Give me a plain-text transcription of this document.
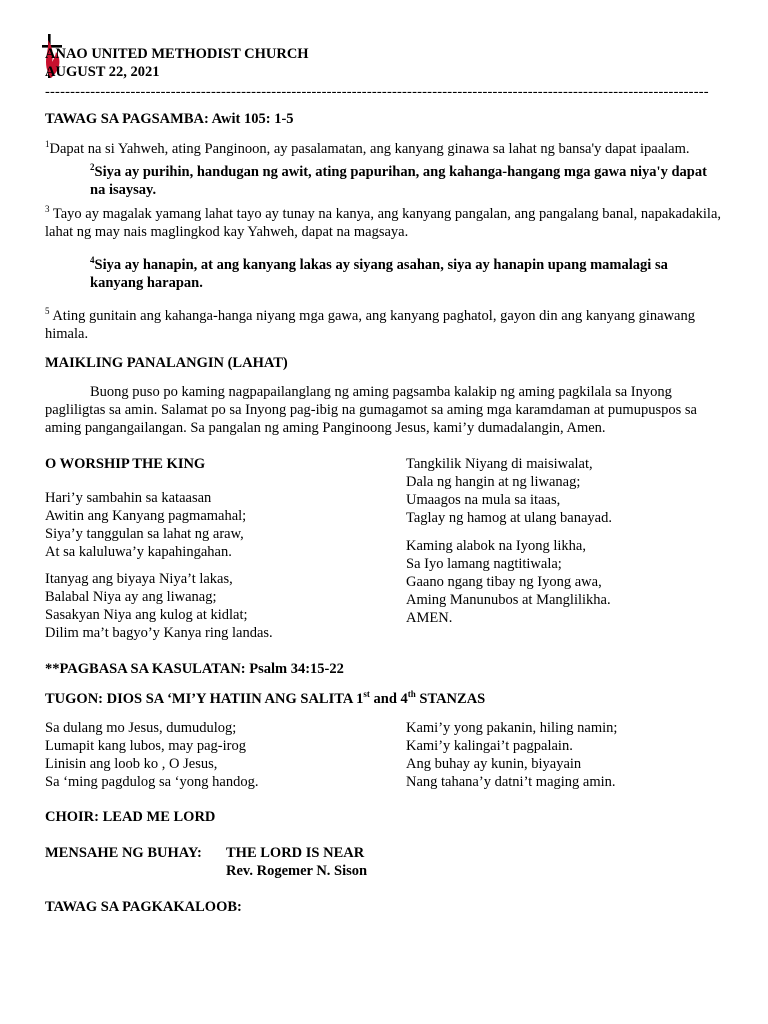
ANAO UNITED METHODIST CHURCH
AUGUST 22, 2021
------------------------------------------------------------------------------------------------------------------------------------
TAWAG SA PAGSAMBA: Awit 105: 1-5

$^1$Dapat na si Yahweh, ating Panginoon, ay pasalamatan, ang kanyang ginawa sa lahat ng bansa'y dapat ipaalam.

$^2$Siya ay purihin, handugan ng awit, ating papurihan, ang kahanga-hangang mga gawa niya'y dapat na isaysay.

$^3$ Tayo ay magalak yamang lahat tayo ay tunay na kanya, ang kanyang pangalan, ang pangalang banal, napakadakila, lahat ng may nais maglingkod kay Yahweh, dapat na magsaya.

$^4$Siya ay hanapin, at ang kanyang lakas ay siyang asahan, siya ay hanapin upang mamalagi sa kanyang harapan.

$^5$ Ating gunitain ang kahanga-hanga niyang mga gawa, ang kanyang paghatol, gayon din ang kanyang ginawang himala.

MAIKLING PANALANGIN (LAHAT)

Buong puso po kaming nagpapailanglang ng aming pagsamba kalakip ng aming pagkilala sa Inyong pagliligtas sa amin. Salamat po sa Inyong pag-ibig na gumagamot sa aming mga karamdaman at pumupuspos sa aming pangangailangan. Sa pangalan ng aming Panginoong Jesus, kami’y dumadalangin, Amen.

O WORSHIP THE KING
Hari’y sambahin sa kataasan
Awitin ang Kanyang pagmamahal;
Siya’y tanggulan sa lahat ng araw,
At sa kaluluwa’y kapahingahan.
Itanyag ang biyaya Niya’t lakas,
Balabal Niya ay ang liwanag;
Sasakyan Niya ang kulog at kidlat;
Dilim ma’t bagyo’y Kanya ring landas.
Tangkilik Niyang di maisiwalat,
Dala ng hangin at ng liwanag;
Umaagos na mula sa itaas,
Taglay ng hamog at ulang banayad.
Kaming alabok na Iyong likha,
Sa Iyo lamang nagtitiwala;
Gaano ngang tibay ng Iyong awa,
Aming Manunubos at Manglilikha.
AMEN.
**PAGBASA SA KASULATAN: Psalm 34:15-22
TUGON: DIOS SA ‘MI’Y HATIIN ANG SALITA 1st and 4th STANZAS
Sa dulang mo Jesus, dumudulog;
Lumapit kang lubos, may pag-irog
Linisin ang loob ko , O Jesus,
Sa ‘ming pagdulog sa ‘yong handog.
Kami’y yong pakanin, hiling namin;
Kami’y kalingai’t pagpalain.
Ang buhay ay kunin, biyayain
Nang tahana’y datni’t maging amin.
CHOIR: LEAD ME LORD
MENSAHE NG BUHAY:	THE LORD IS NEAR
Rev. Rogemer N. Sison
TAWAG SA PAGKAKALOOB:
